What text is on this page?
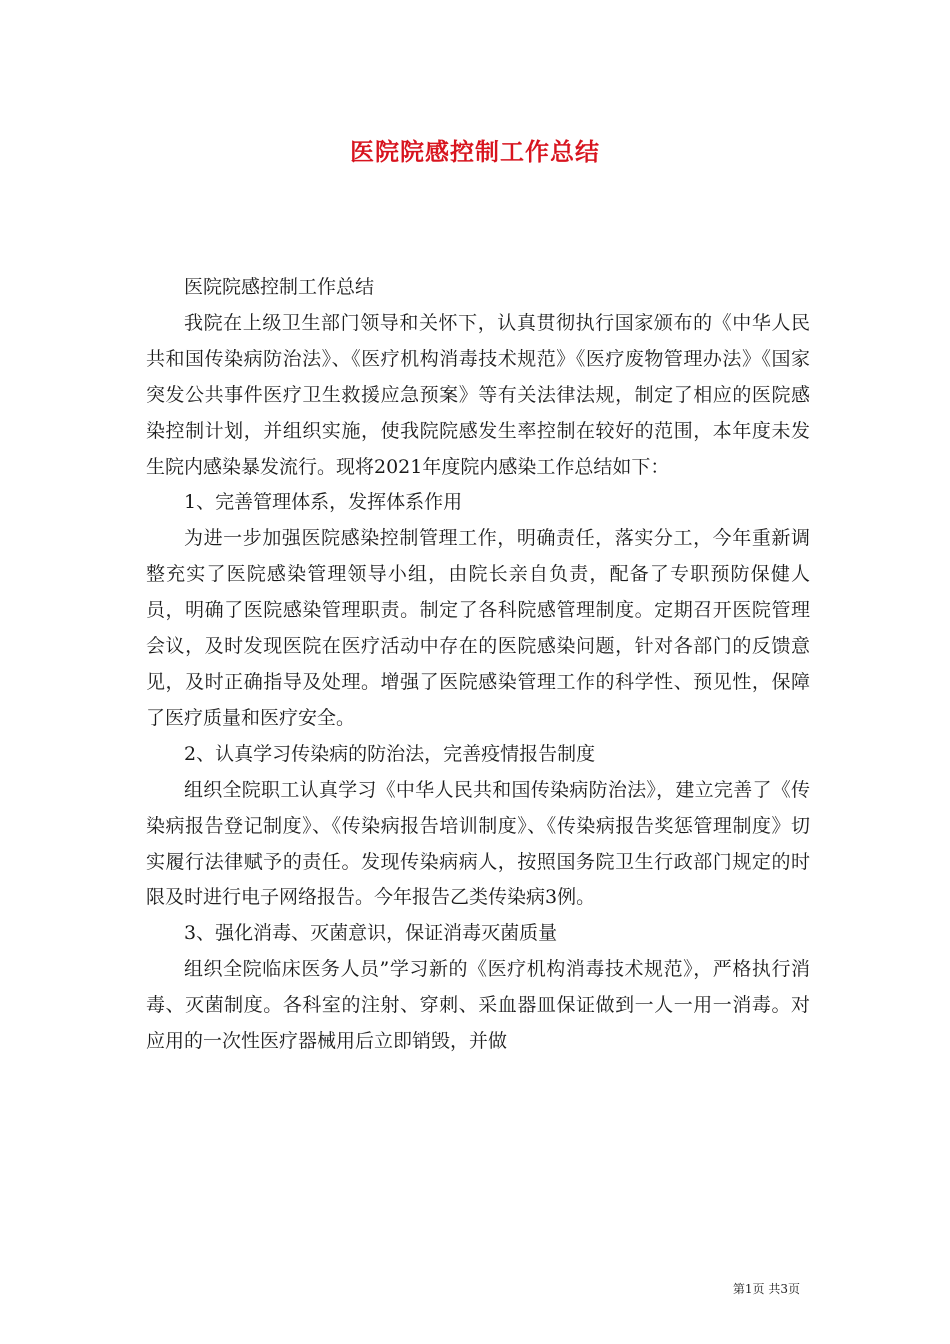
医院院感控制工作总结

医院院感控制工作总结

我院在上级卫生部门领导和关怀下，认真贯彻执行国家颁布的《中华人民共和国传染病防治法》、《医疗机构消毒技术规范》《医疗废物管理办法》《国家突发公共事件医疗卫生救援应急预案》等有关法律法规，制定了相应的医院感染控制计划，并组织实施，使我院院感发生率控制在较好的范围，本年度未发生院内感染暴发流行。现将2021年度院内感染工作总结如下：

1、完善管理体系，发挥体系作用

为进一步加强医院感染控制管理工作，明确责任，落实分工，今年重新调整充实了医院感染管理领导小组，由院长亲自负责，配备了专职预防保健人员，明确了医院感染管理职责。制定了各科院感管理制度。定期召开医院管理会议，及时发现医院在医疗活动中存在的医院感染问题，针对各部门的反馈意见，及时正确指导及处理。增强了医院感染管理工作的科学性、预见性，保障了医疗质量和医疗安全。

2、认真学习传染病的防治法，完善疫情报告制度

组织全院职工认真学习《中华人民共和国传染病防治法》，建立完善了《传染病报告登记制度》、《传染病报告培训制度》、《传染病报告奖惩管理制度》切实履行法律赋予的责任。发现传染病病人，按照国务院卫生行政部门规定的时限及时进行电子网络报告。今年报告乙类传染病3例。

3、强化消毒、灭菌意识，保证消毒灭菌质量

组织全院临床医务人员”学习新的《医疗机构消毒技术规范》，严格执行消毒、灭菌制度。各科室的注射、穿刺、采血器皿保证做到一人一用一消毒。对应用的一次性医疗器械用后立即销毁，并做

第1页 共3页
